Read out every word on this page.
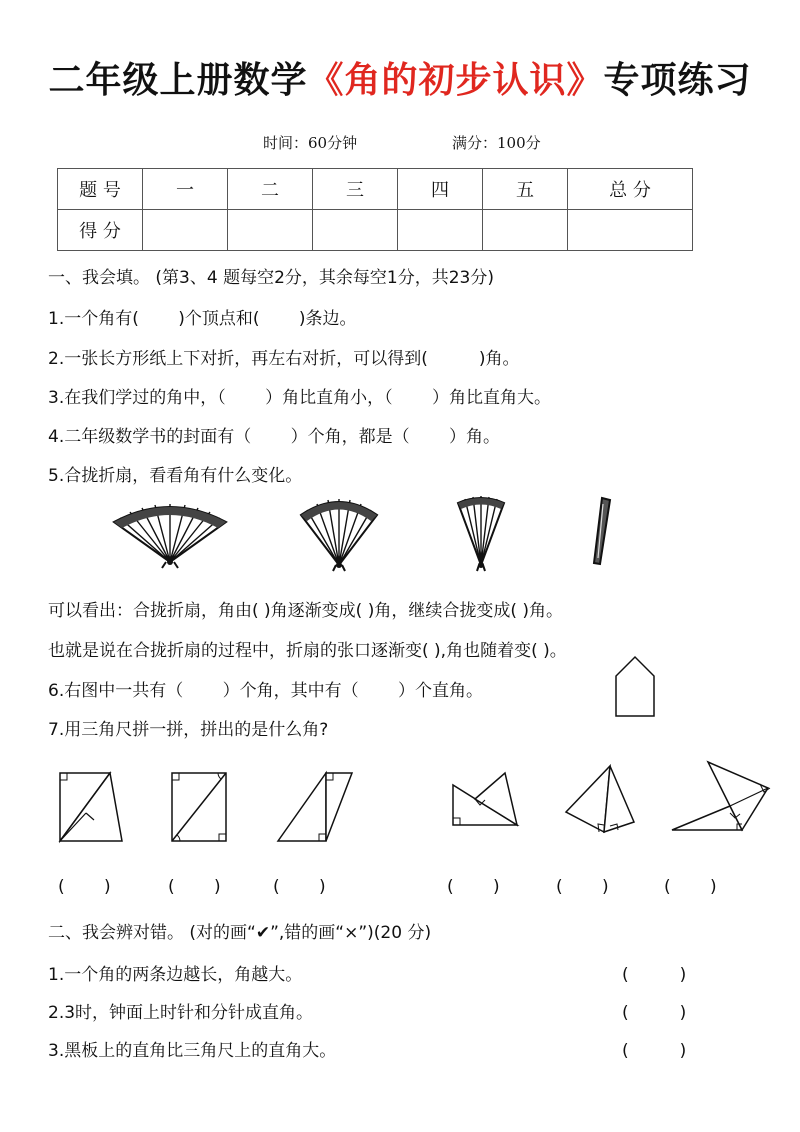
二年级上册数学《角的初步认识》专项练习
时间：60分钟	满分：100分
题 号	一	二	三	四	五	总 分
得 分						
一、我会填。 (第3、4 题每空2分，其余每空1分，共23分)
1.一个角有(　　 )个顶点和(　　 )条边。
2.一张长方形纸上下对折，再左右对折，可以得到(　　　)角。
3.在我们学过的角中，（　　 ）角比直角小，（　　 ）角比直角大。
4.二年级数学书的封面有（　　 ）个角，都是（　　 ）角。
5.合拢折扇，看看角有什么变化。
可以看出：合拢折扇，角由( )角逐渐变成( )角，继续合拢变成( )角。
也就是说在合拢折扇的过程中，折扇的张口逐渐变( ),角也随着变( )。
6.右图中一共有（　　 ）个角，其中有（　　 ）个直角。
7.用三角尺拼一拼，拼出的是什么角?
(　　 )	(　　 )	(　　 )	(　　 )	(　　 )	(　　 )
二、我会辨对错。 (对的画“✔”,错的画“×”)(20 分)
1.一个角的两条边越长，角越大。	(　　　)
2.3时，钟面上时针和分针成直角。	(　　　)
3.黑板上的直角比三角尺上的直角大。	(　　　)
